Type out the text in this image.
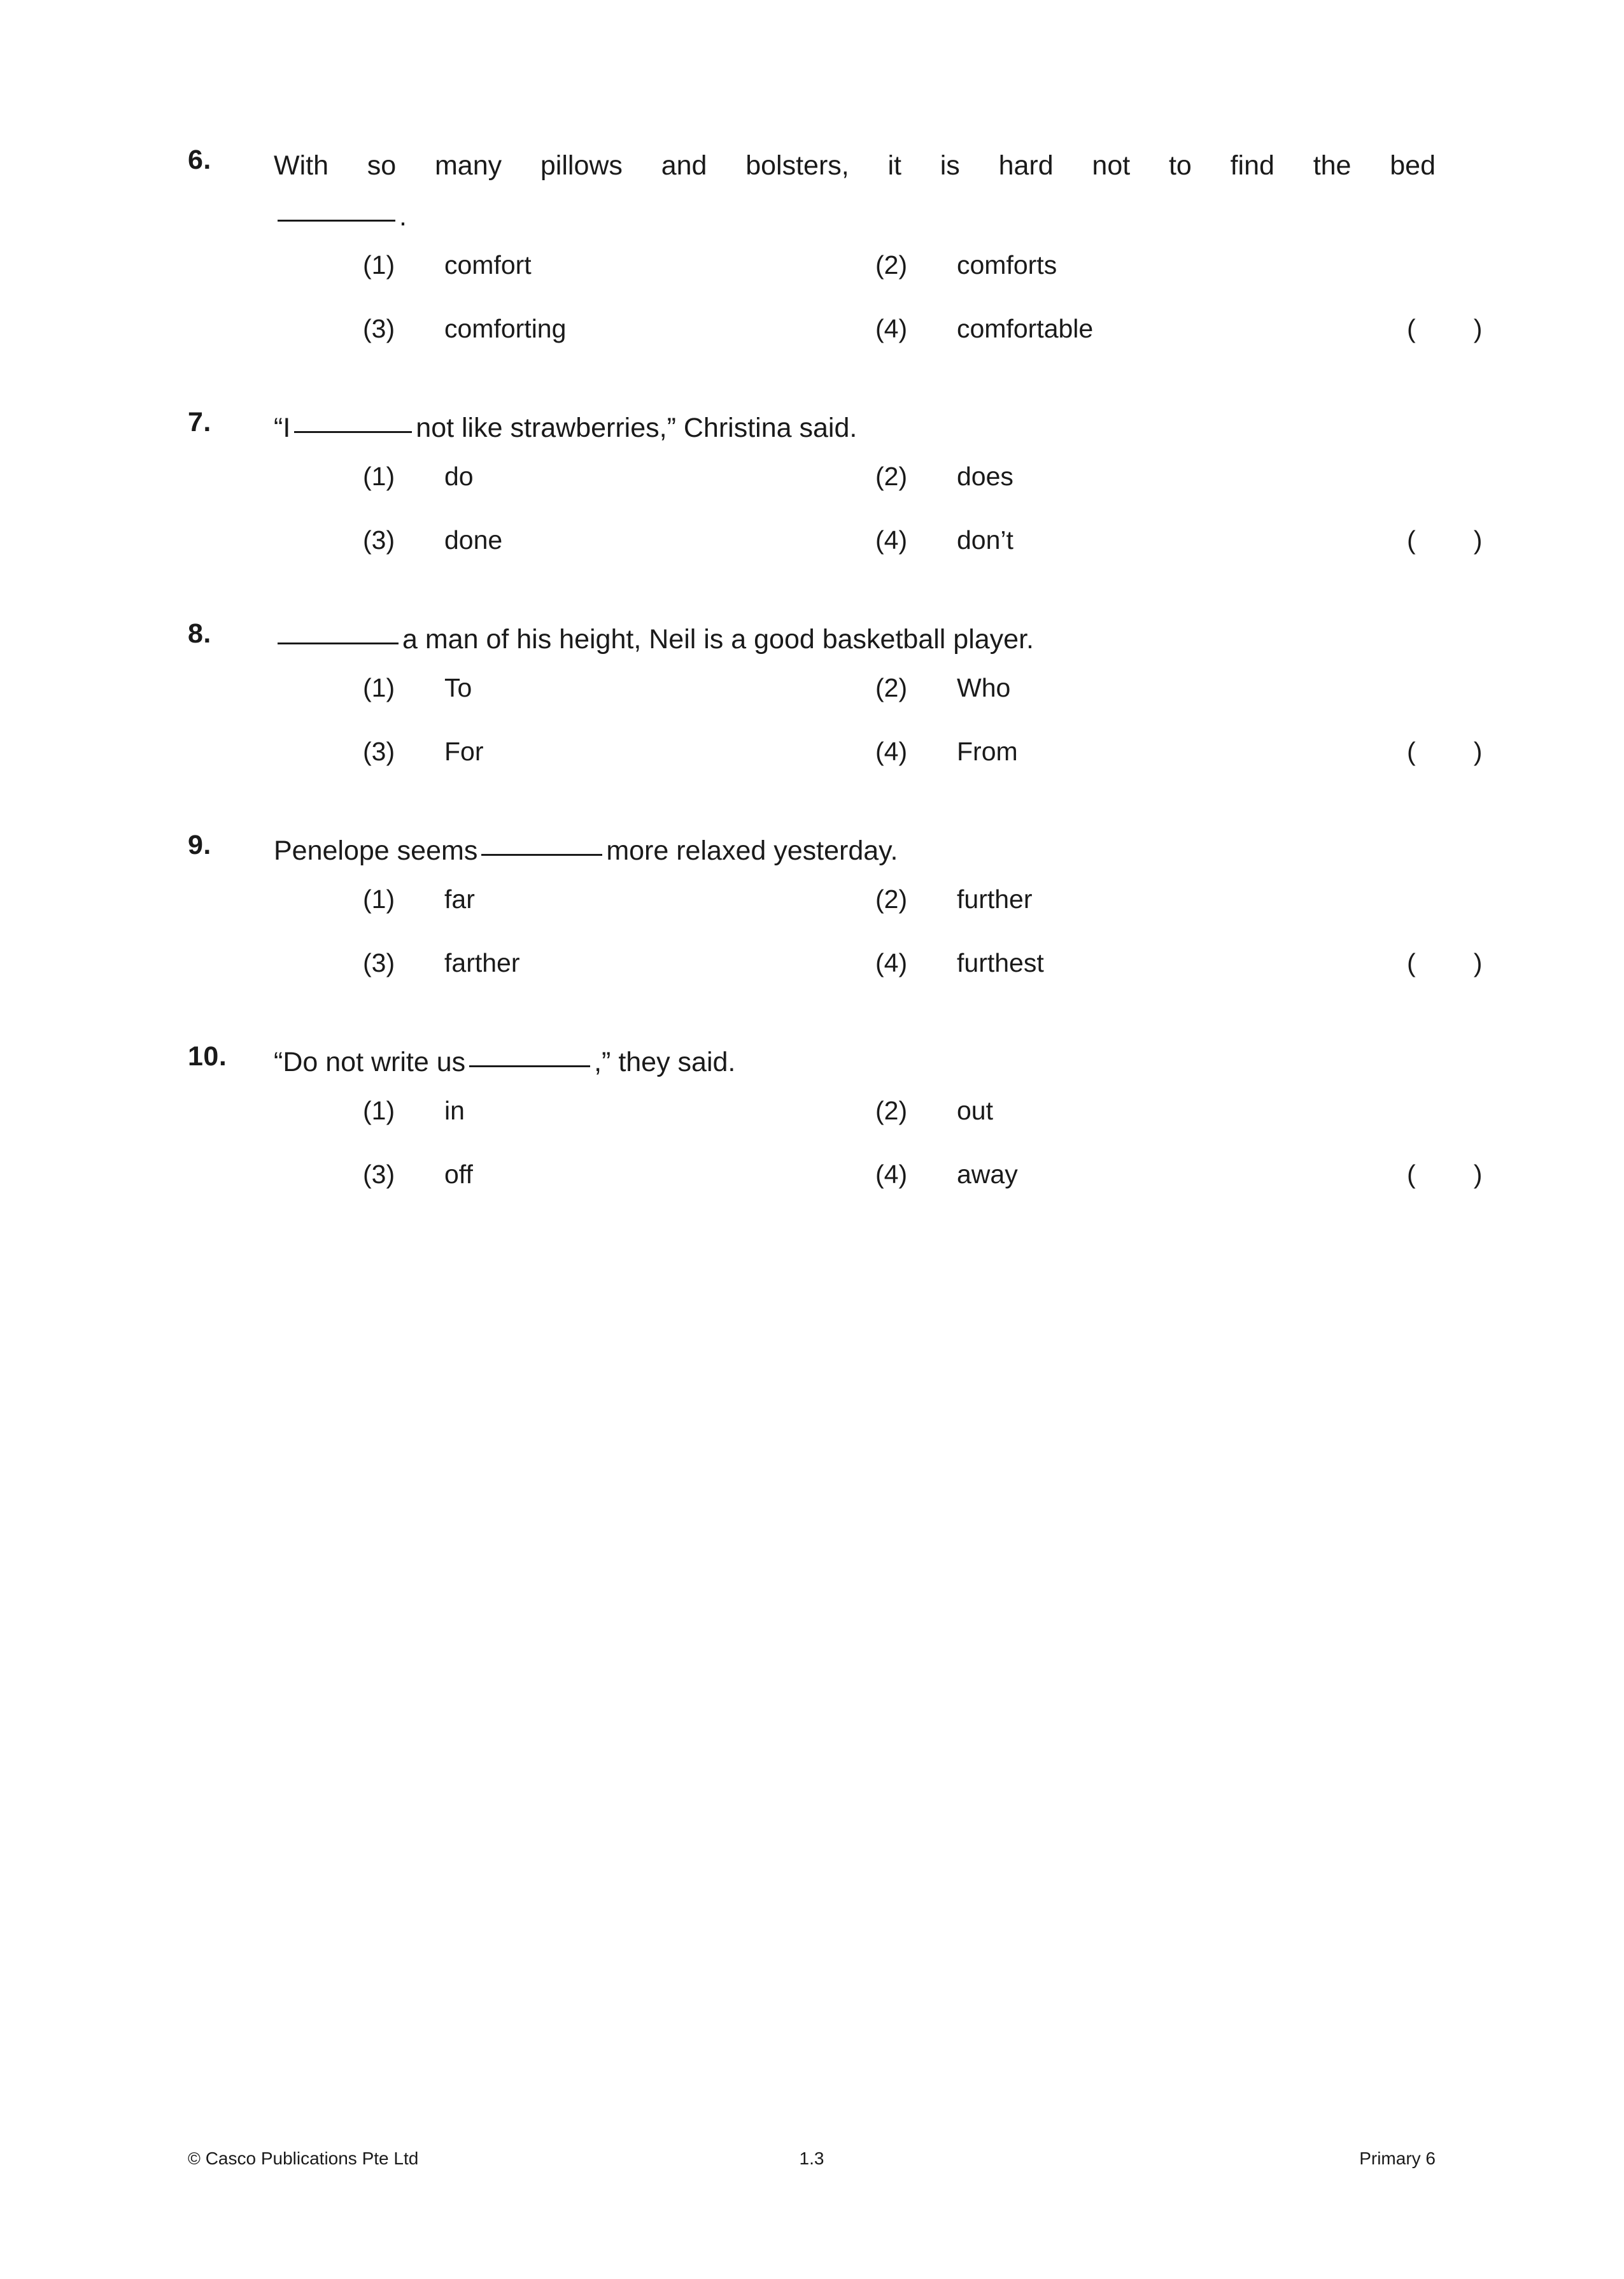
6.	With so many pillows and bolsters, it is hard not to find the bed
.
(1) comfort	(2) comforts
(3) comforting	(4) comfortable	(        )
7.	“I	not like strawberries,” Christina said.
(1) do	(2) does
(3) done	(4) don’t	(        )
8.	a man of his height, Neil is a good basketball player.
(1) To	(2) Who
(3) For	(4) From	(        )
9.	Penelope seems	more relaxed yesterday.
(1) far	(2) further
(3) farther	(4) furthest	(        )
10.	“Do not write us	,” they said.
(1) in	(2) out
(3) off	(4) away	(        )
© Casco Publications Pte Ltd	1.3	Primary 6
